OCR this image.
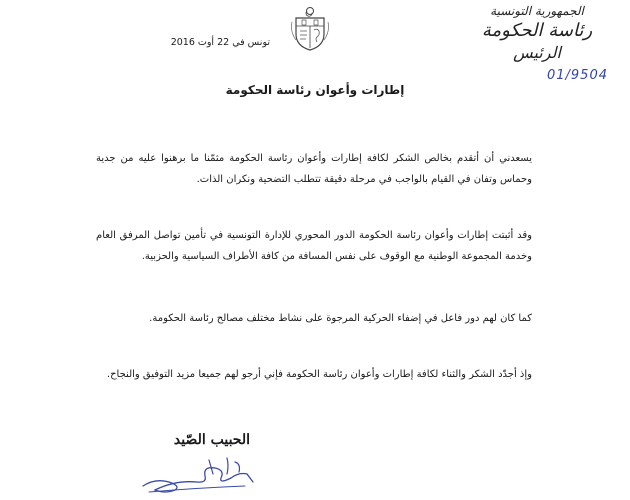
الجمهورية التونسية
رئاسة الحكومة
الرئيس
01/9504
تونس في 22 أوت 2016
إطارات وأعوان رئاسة الحكومة

يسعدني أن أتقدم بخالص الشكر لكافة إطارات وأعوان رئاسة الحكومة مثمّنا ما برهنوا عليه من جدية وحماس وتفان في القيام بالواجب في مرحلة دقيقة تتطلب التضحية ونكران الذات.

وقد أثبتت إطارات وأعوان رئاسة الحكومة الدور المحوري للإدارة التونسية في تأمين تواصل المرفق العام وخدمة المجموعة الوطنية مع الوقوف على نفس المسافة من كافة الأطراف السياسية والحزبية.

كما كان لهم دور فاعل في إضفاء الحركية المرجوة على نشاط مختلف مصالح رئاسة الحكومة.

وإذ أجدّد الشكر والثناء لكافة إطارات وأعوان رئاسة الحكومة فإني أرجو لهم جميعا مزيد التوفيق والنجاح.

الحبيب الصّيد
